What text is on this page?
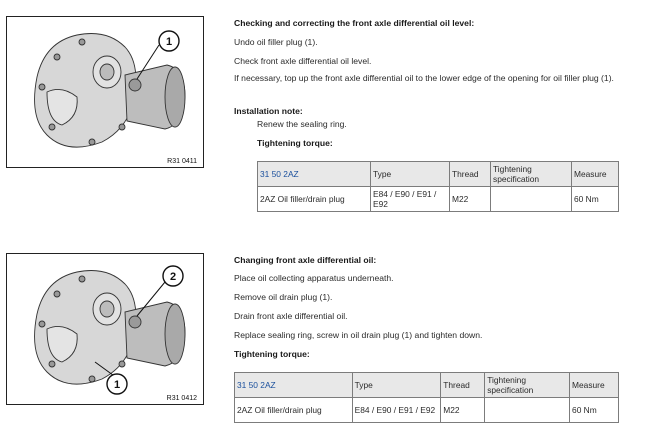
1
R31 0411
Checking and correcting the front axle differential oil level:
Undo oil filler plug (1).
Check front axle differential oil level.
If necessary, top up the front axle differential oil to the lower edge of the opening for oil filler plug (1).
Installation note:
Renew the sealing ring.
Tightening torque:
31 50 2AZ	Type	Thread	Tightening specification	Measure
2AZ Oil filler/drain plug	E84 / E90 / E91 / E92	M22		60 Nm
2
1
R31 0412
Changing front axle differential oil:
Place oil collecting apparatus underneath.
Remove oil drain plug (1).
Drain front axle differential oil.
Replace sealing ring, screw in oil drain plug (1) and tighten down.
Tightening torque:
31 50 2AZ	Type	Thread	Tightening specification	Measure
2AZ Oil filler/drain plug	E84 / E90 / E91 / E92	M22		60 Nm
